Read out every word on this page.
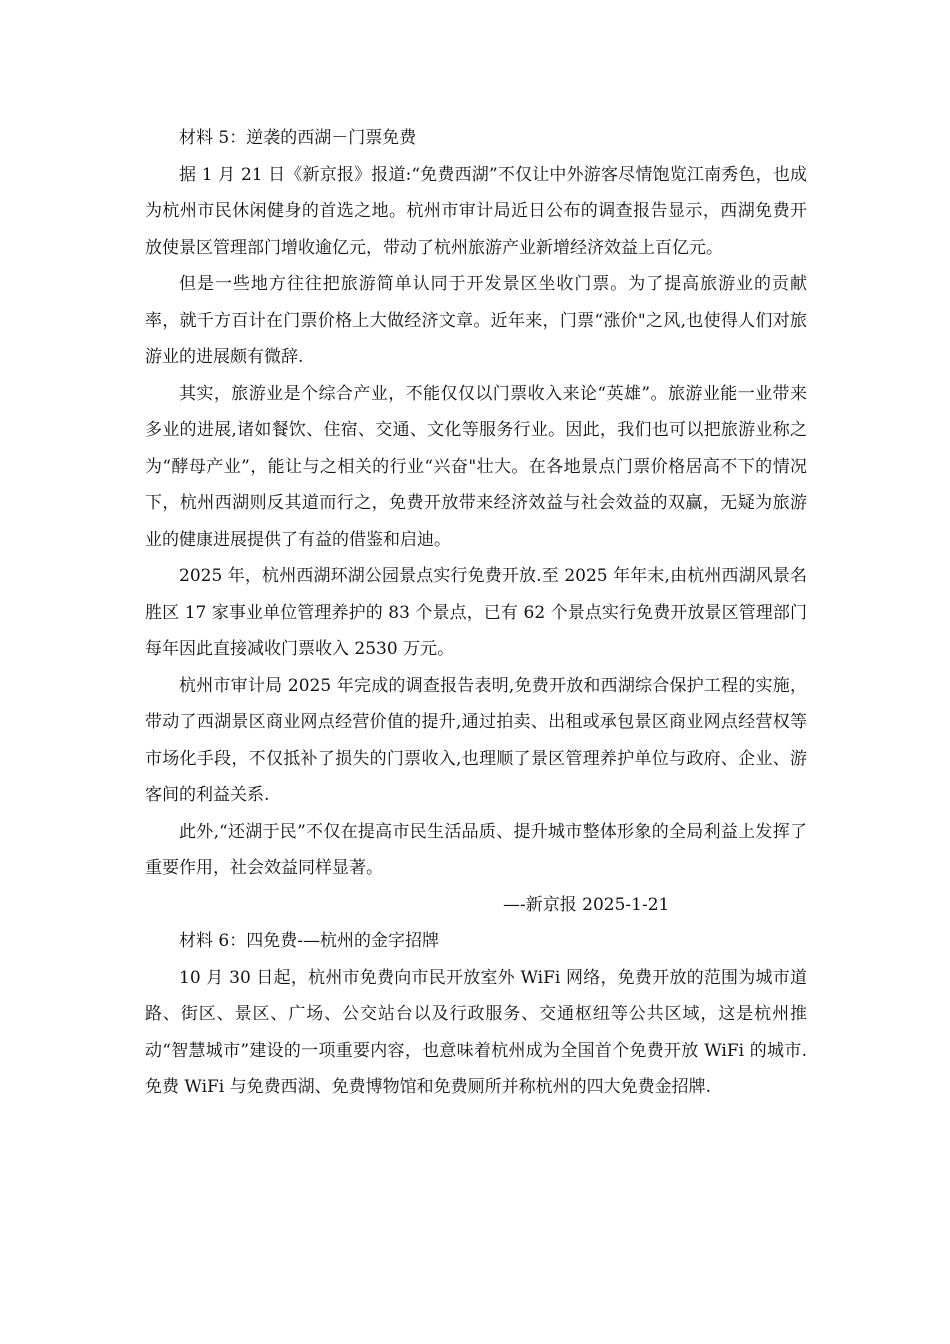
材料 5：逆袭的西湖－门票免费

据 1 月 21 日《新京报》报道:“免费西湖”不仅让中外游客尽情饱览江南秀色，也成为杭州市民休闲健身的首选之地。杭州市审计局近日公布的调查报告显示，西湖免费开放使景区管理部门增收逾亿元，带动了杭州旅游产业新增经济效益上百亿元。

但是一些地方往往把旅游简单认同于开发景区坐收门票。为了提高旅游业的贡献率，就千方百计在门票价格上大做经济文章。近年来，门票“涨价"之风,也使得人们对旅游业的进展颇有微辞.

其实，旅游业是个综合产业，不能仅仅以门票收入来论“英雄”。旅游业能一业带来多业的进展,诸如餐饮、住宿、交通、文化等服务行业。因此，我们也可以把旅游业称之为“酵母产业”，能让与之相关的行业“兴奋"壮大。在各地景点门票价格居高不下的情况下，杭州西湖则反其道而行之，免费开放带来经济效益与社会效益的双赢，无疑为旅游业的健康进展提供了有益的借鉴和启迪。

2025 年，杭州西湖环湖公园景点实行免费开放.至 2025 年年末,由杭州西湖风景名胜区 17 家事业单位管理养护的 83 个景点，已有 62 个景点实行免费开放景区管理部门每年因此直接减收门票收入 2530 万元。

杭州市审计局 2025 年完成的调查报告表明,免费开放和西湖综合保护工程的实施，带动了西湖景区商业网点经营价值的提升,通过拍卖、出租或承包景区商业网点经营权等市场化手段，不仅抵补了损失的门票收入,也理顺了景区管理养护单位与政府、企业、游客间的利益关系.

此外,“还湖于民”不仅在提高市民生活品质、提升城市整体形象的全局利益上发挥了重要作用，社会效益同样显著。

—-新京报 2025-1-21

材料 6：四免费-—杭州的金字招牌

10 月 30 日起，杭州市免费向市民开放室外 WiFi 网络，免费开放的范围为城市道路、街区、景区、广场、公交站台以及行政服务、交通枢纽等公共区域，这是杭州推动“智慧城市”建设的一项重要内容，也意味着杭州成为全国首个免费开放 WiFi 的城市.免费 WiFi 与免费西湖、免费博物馆和免费厕所并称杭州的四大免费金招牌.
